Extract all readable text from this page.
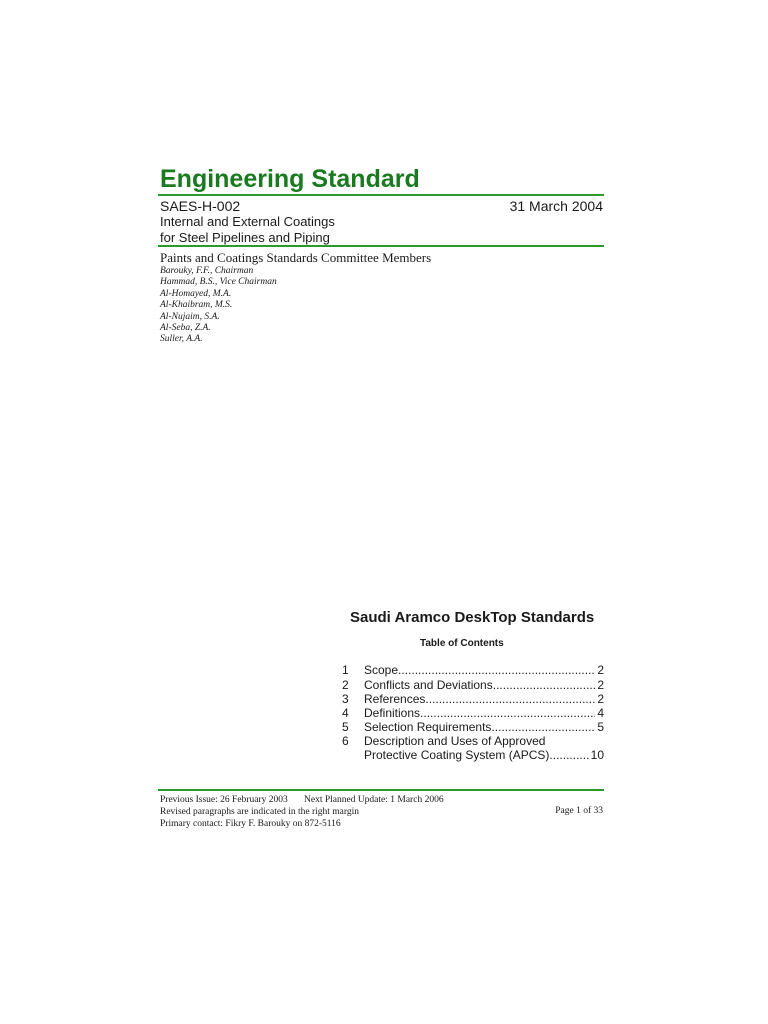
Engineering Standard
SAES-H-002	31 March 2004
Internal and External Coatings
for Steel Pipelines and Piping
Paints and Coatings Standards Committee Members
Barouky, F.F., Chairman
Hammad, B.S., Vice Chairman
Al-Homayed, M.A.
Al-Khaibram, M.S.
Al-Nujaim, S.A.
Al-Seba, Z.A.
Suller, A.A.
Saudi Aramco DeskTop Standards
Table of Contents
1 Scope .....	2
2 Conflicts and Deviations .....	2
3 References .....	2
4 Definitions .....	4
5 Selection Requirements .....	5
6 Description and Uses of Approved
Protective Coating System (APCS) .....	10
Previous Issue: 26 February 2003 Next Planned Update: 1 March 2006
Revised paragraphs are indicated in the right margin	Page 1 of 33
Primary contact: Fikry F. Barouky on 872-5116
